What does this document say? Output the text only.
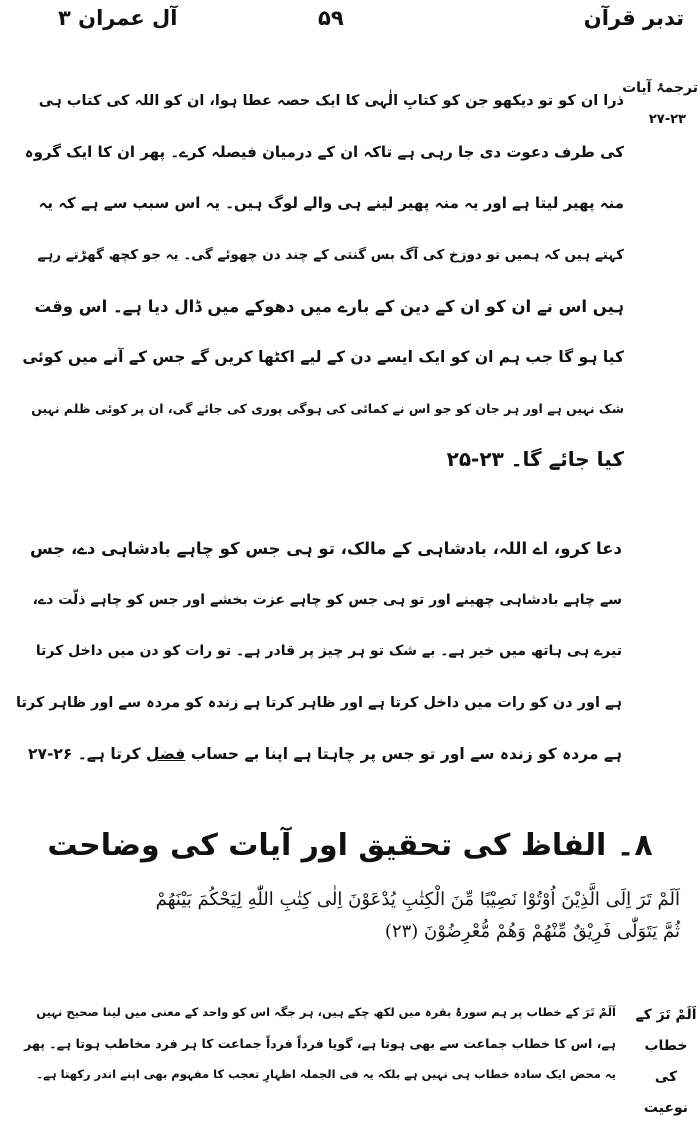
تدبر قرآن
۵۹
آل عمران ۳
ترجمۂ آیات
۲۷-۲۳
ذرا ان کو تو دیکھو جن کو کتابِ الٰہی کا ایک حصہ عطا ہوا، ان کو اللہ کی کتاب ہی
کی طرف دعوت دی جا رہی ہے تاکہ ان کے درمیان فیصلہ کرے۔ پھر ان کا ایک گروہ
منہ پھیر لیتا ہے اور یہ منہ پھیر لینے ہی والے لوگ ہیں۔ یہ اس سبب سے ہے کہ یہ
کہتے ہیں کہ ہمیں تو دوزخ کی آگ بس گنتی کے چند دن چھوئے گی۔ یہ جو کچھ گھڑتے رہے
ہیں اس نے ان کو ان کے دین کے بارے میں دھوکے میں ڈال دیا ہے۔ اس وقت
کیا ہو گا جب ہم ان کو ایک ایسے دن کے لیے اکٹھا کریں گے جس کے آنے میں کوئی
شک نہیں ہے اور ہر جان کو جو اس نے کمائی کی ہوگی پوری کی جائے گی، ان پر کوئی ظلم نہیں
کیا جائے گا۔ ۲۳-۲۵
دعا کرو، اے اللہ، بادشاہی کے مالک، تو ہی جس کو چاہے بادشاہی دے، جس
سے چاہے بادشاہی چھینے اور تو ہی جس کو چاہے عزت بخشے اور جس کو چاہے ذلّت دے،
تیرے ہی ہاتھ میں خیر ہے۔ بے شک تو ہر چیز پر قادر ہے۔ تو رات کو دن میں داخل کرتا
ہے اور دن کو رات میں داخل کرتا ہے اور ظاہر کرتا ہے زندہ کو مردہ سے اور ظاہر کرتا
ہے مردہ کو زندہ سے اور تو جس پر چاہتا ہے اپنا بے حساب فضل کرتا ہے۔ ۲۶-۲۷
۸۔ الفاظ کی تحقیق اور آیات کی وضاحت
اَلَمْ تَرَ اِلَى الَّذِيْنَ اُوْتُوْا نَصِيْبًا مِّنَ الْكِتٰبِ يُدْعَوْنَ اِلٰى كِتٰبِ اللّٰهِ لِيَحْكُمَ بَيْنَهُمْ
ثُمَّ يَتَوَلّٰى فَرِيْقٌ مِّنْهُمْ وَهُمْ مُّعْرِضُوْنَ (۲۳)
اَلَمْ تَرَ کے خطاب کی نوعیت
اَلَمْ تَرَ کے خطاب پر ہم سورۂ بقرہ میں لکھ چکے ہیں، ہر جگہ اس کو واحد کے معنی میں لینا صحیح نہیں
ہے، اس کا خطاب جماعت سے بھی ہوتا ہے، گویا فرداً فرداً جماعت کا ہر فرد مخاطب ہوتا ہے۔ پھر
یہ محض ایک سادہ خطاب ہی نہیں ہے بلکہ یہ فی الجملہ اظہارِ تعجب کا مفہوم بھی اپنے اندر رکھتا ہے۔
